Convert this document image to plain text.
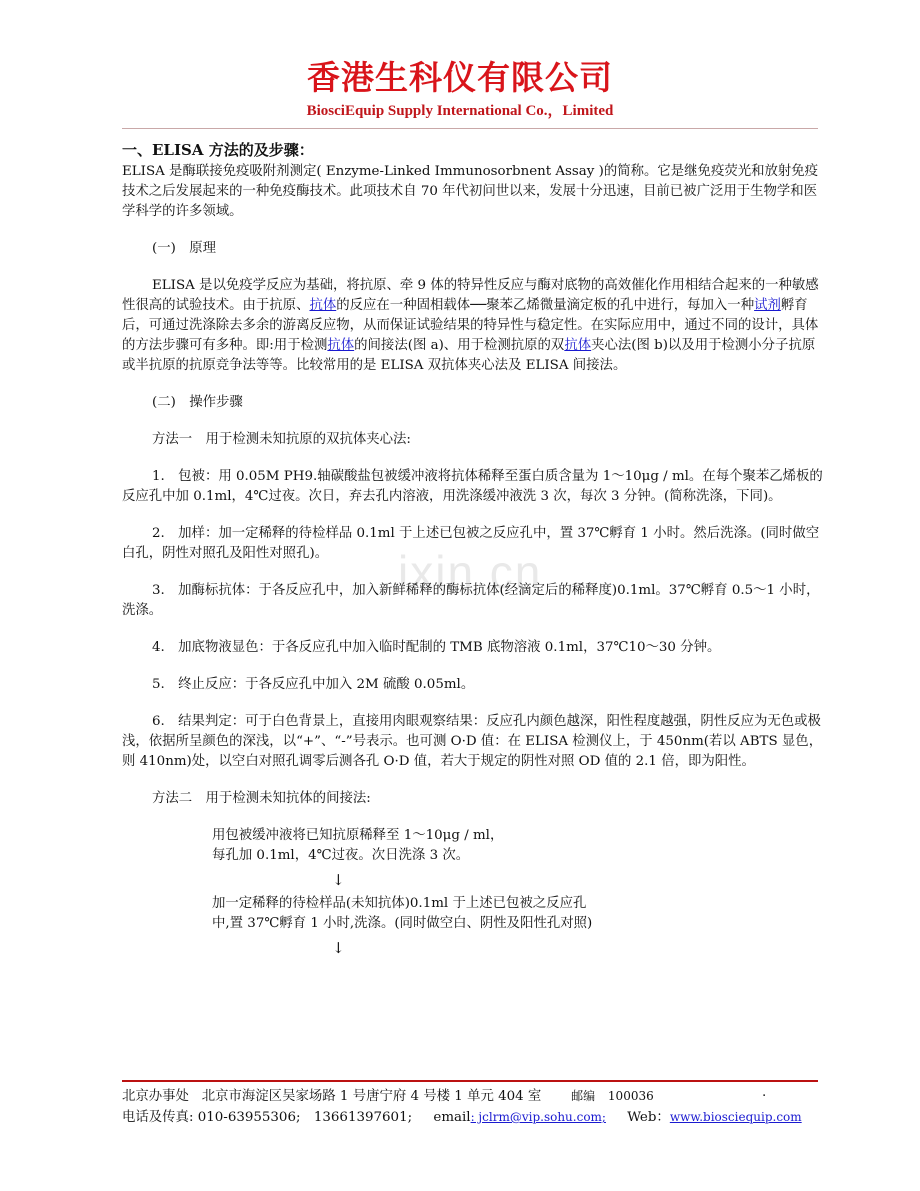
香港生科仪有限公司
BiosciEquip Supply International Co.，Limited
ixin.cn

一、ELISA 方法的及步骤：

ELISA 是酶联接免疫吸附剂测定( Enzyme-Linked Immunosorbnent Assay )的简称。它是继免疫荧光和放射免疫技术之后发展起来的一种免疫酶技术。此项技术自 70 年代初问世以来，发展十分迅速，目前已被广泛用于生物学和医学科学的许多领域。

(一)　原理

ELISA 是以免疫学反应为基础，将抗原、牵 9 体的特异性反应与酶对底物的高效催化作用相结合起来的一种敏感性很高的试验技术。由于抗原、抗体的反应在一种固相载体──聚苯乙烯微量滴定板的孔中进行，每加入一种试剂孵育后，可通过洗涤除去多余的游离反应物，从而保证试验结果的特异性与稳定性。在实际应用中，通过不同的设计，具体的方法步骤可有多种。即:用于检测抗体的间接法(图 a)、用于检测抗原的双抗体夹心法(图 b)以及用于检测小分子抗原或半抗原的抗原竞争法等等。比较常用的是 ELISA 双抗体夹心法及 ELISA 间接法。

(二)　操作步骤

方法一　用于检测未知抗原的双抗体夹心法:

1.　包被：用 0.05M PH9.轴碳酸盐包被缓冲液将抗体稀释至蛋白质含量为 1～10μg / ml。在每个聚苯乙烯板的反应孔中加 0.1ml，4℃过夜。次日，弃去孔内溶液，用洗涤缓冲液洗 3 次，每次 3 分钟。(简称洗涤，下同)。

2.　加样：加一定稀释的待检样品 0.1ml 于上述已包被之反应孔中，置 37℃孵育 1 小时。然后洗涤。(同时做空白孔，阴性对照孔及阳性对照孔)。

3.　加酶标抗体：于各反应孔中，加入新鲜稀释的酶标抗体(经滴定后的稀释度)0.1ml。37℃孵育 0.5～1 小时，洗涤。

4.　加底物液显色：于各反应孔中加入临时配制的 TMB 底物溶液 0.1ml，37℃10～30 分钟。

5.　终止反应：于各反应孔中加入 2M 硫酸 0.05ml。

6.　结果判定：可于白色背景上，直接用肉眼观察结果：反应孔内颜色越深，阳性程度越强，阴性反应为无色或极浅，依据所呈颜色的深浅，以“+”、“-”号表示。也可测 O·D 值：在 ELISA 检测仪上，于 450nm(若以 ABTS 显色，则 410nm)处，以空白对照孔调零后测各孔 O·D 值，若大于规定的阴性对照 OD 值的 2.1 倍，即为阳性。

方法二　用于检测未知抗体的间接法:

用包被缓冲液将已知抗原稀释至 1～10μg / ml，

每孔加 0.1ml，4℃过夜。次日洗涤 3 次。

↓

加一定稀释的待检样品(未知抗体)0.1ml 于上述已包被之反应孔

中,置 37℃孵育 1 小时,洗涤。(同时做空白、阴性及阳性孔对照)

↓

北京办事处 北京市海淀区吴家场路 1 号唐宁府 4 号楼 1 单元 404 室 邮编 100036	.
电话及传真: 010-63955306;　13661397601; email: jclrm@vip.sohu.com; Web：www.biosciequip.com
